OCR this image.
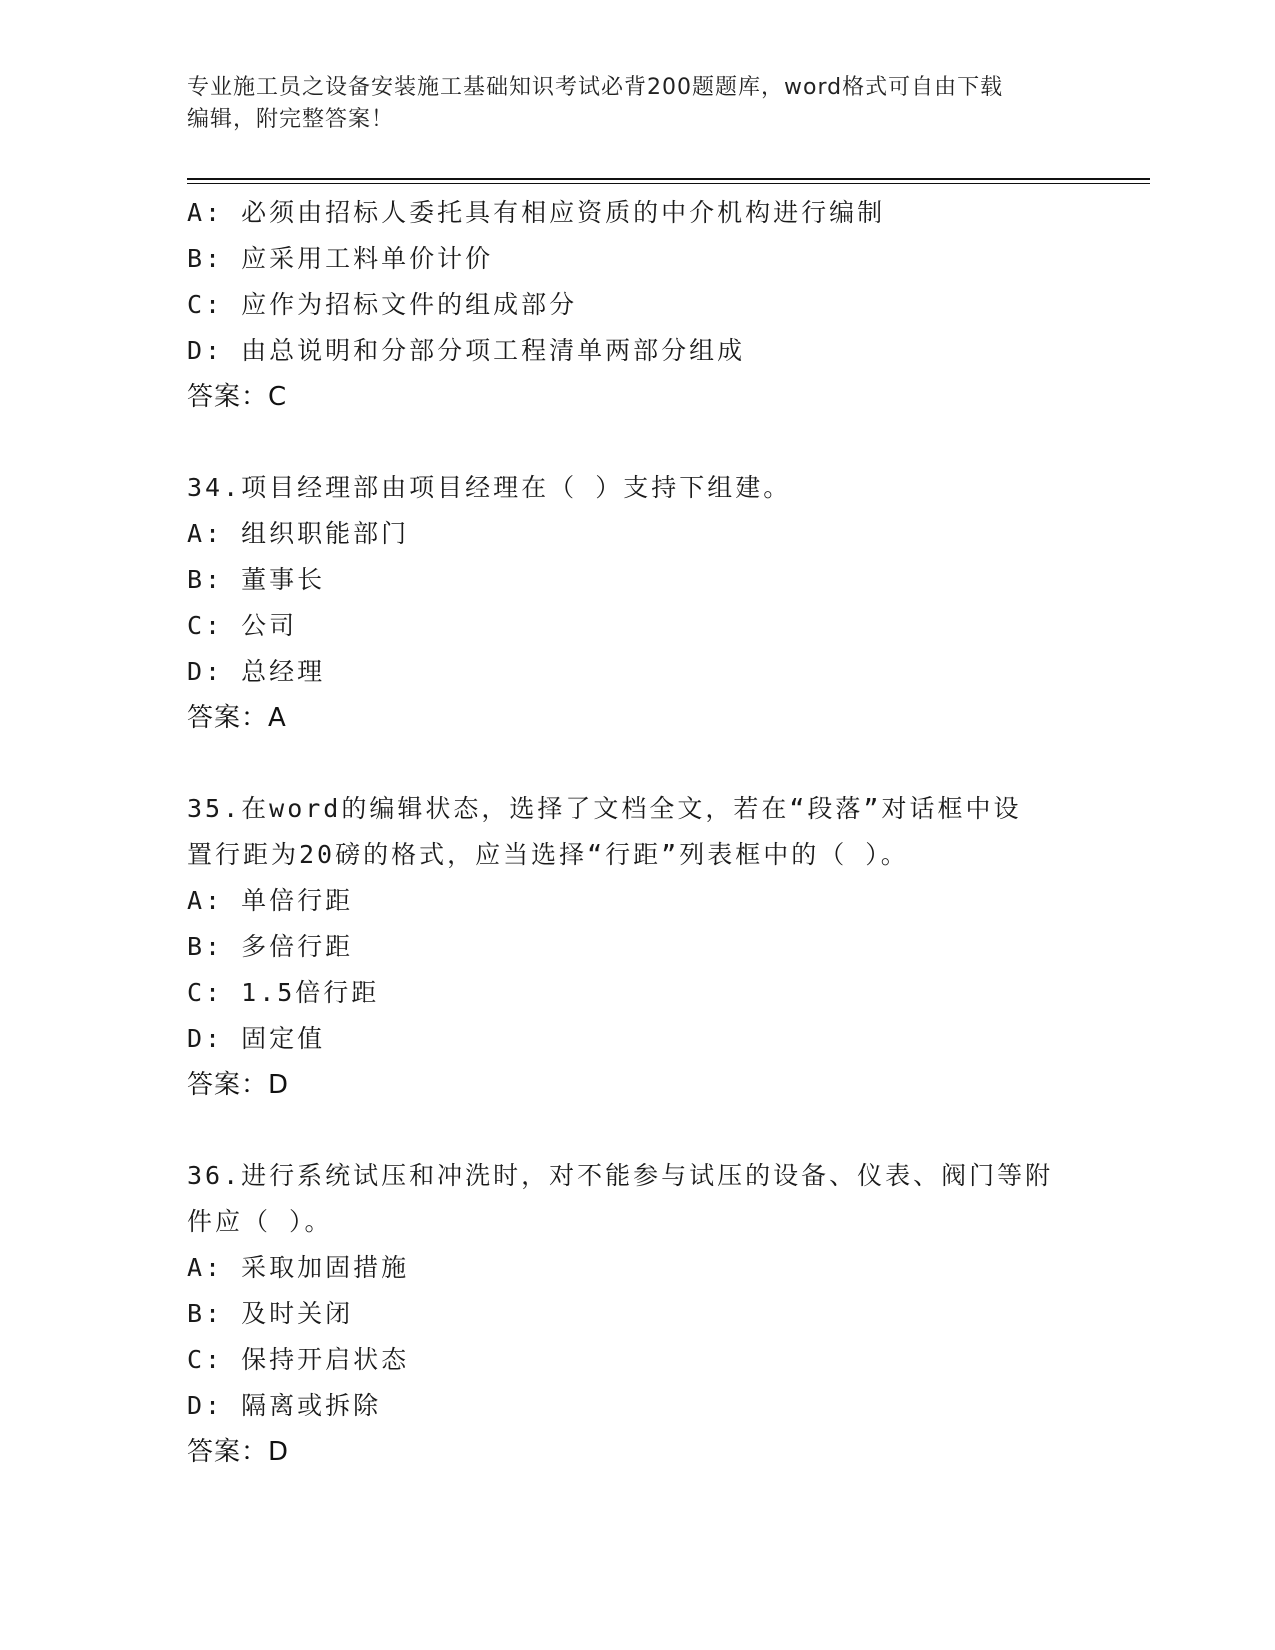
专业施工员之设备安装施工基础知识考试必背200题题库，word格式可自由下载
编辑，附完整答案！
A: 必须由招标人委托具有相应资质的中介机构进行编制
B: 应采用工料单价计价
C: 应作为招标文件的组成部分
D: 由总说明和分部分项工程清单两部分组成
答案：C
34.项目经理部由项目经理在（ ）支持下组建。
A: 组织职能部门
B: 董事长
C: 公司
D: 总经理
答案：A
35.在word的编辑状态，选择了文档全文，若在“段落”对话框中设
置行距为20磅的格式，应当选择“行距”列表框中的（ ）。
A: 单倍行距
B: 多倍行距
C: 1.5倍行距
D: 固定值
答案：D
36.进行系统试压和冲洗时，对不能参与试压的设备、仪表、阀门等附
件应（ ）。
A: 采取加固措施
B: 及时关闭
C: 保持开启状态
D: 隔离或拆除
答案：D
